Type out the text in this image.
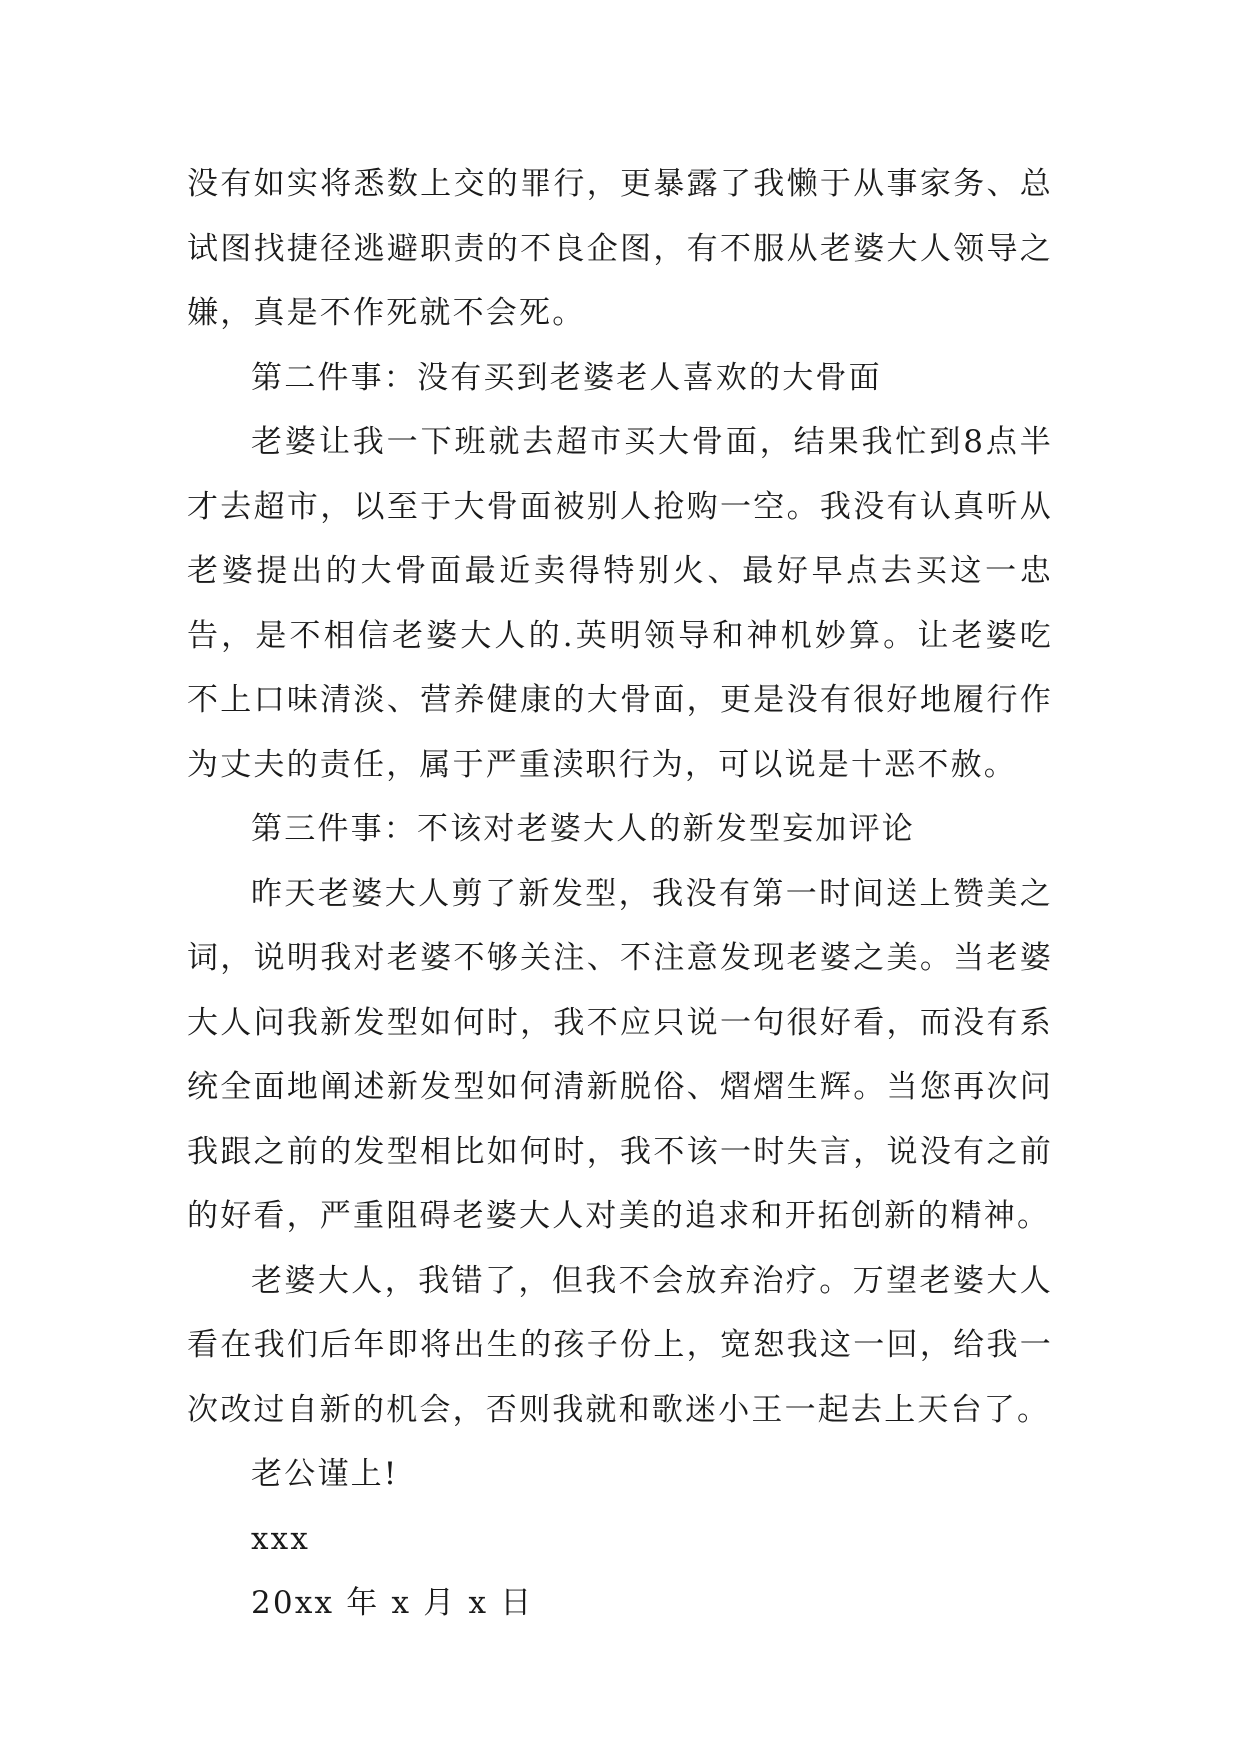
没有如实将悉数上交的罪行，更暴露了我懒于从事家务、总试图找捷径逃避职责的不良企图，有不服从老婆大人领导之嫌，真是不作死就不会死。

第二件事：没有买到老婆老人喜欢的大骨面

老婆让我一下班就去超市买大骨面，结果我忙到8点半才去超市，以至于大骨面被别人抢购一空。我没有认真听从老婆提出的大骨面最近卖得特别火、最好早点去买这一忠告，是不相信老婆大人的.英明领导和神机妙算。让老婆吃不上口味清淡、营养健康的大骨面，更是没有很好地履行作为丈夫的责任，属于严重渎职行为，可以说是十恶不赦。

第三件事：不该对老婆大人的新发型妄加评论

昨天老婆大人剪了新发型，我没有第一时间送上赞美之词，说明我对老婆不够关注、不注意发现老婆之美。当老婆大人问我新发型如何时，我不应只说一句很好看，而没有系统全面地阐述新发型如何清新脱俗、熠熠生辉。当您再次问我跟之前的发型相比如何时，我不该一时失言，说没有之前的好看，严重阻碍老婆大人对美的追求和开拓创新的精神。

老婆大人，我错了，但我不会放弃治疗。万望老婆大人看在我们后年即将出生的孩子份上，宽恕我这一回，给我一次改过自新的机会，否则我就和歌迷小王一起去上天台了。

老公谨上!

xxx

20xx 年 x 月 x 日
